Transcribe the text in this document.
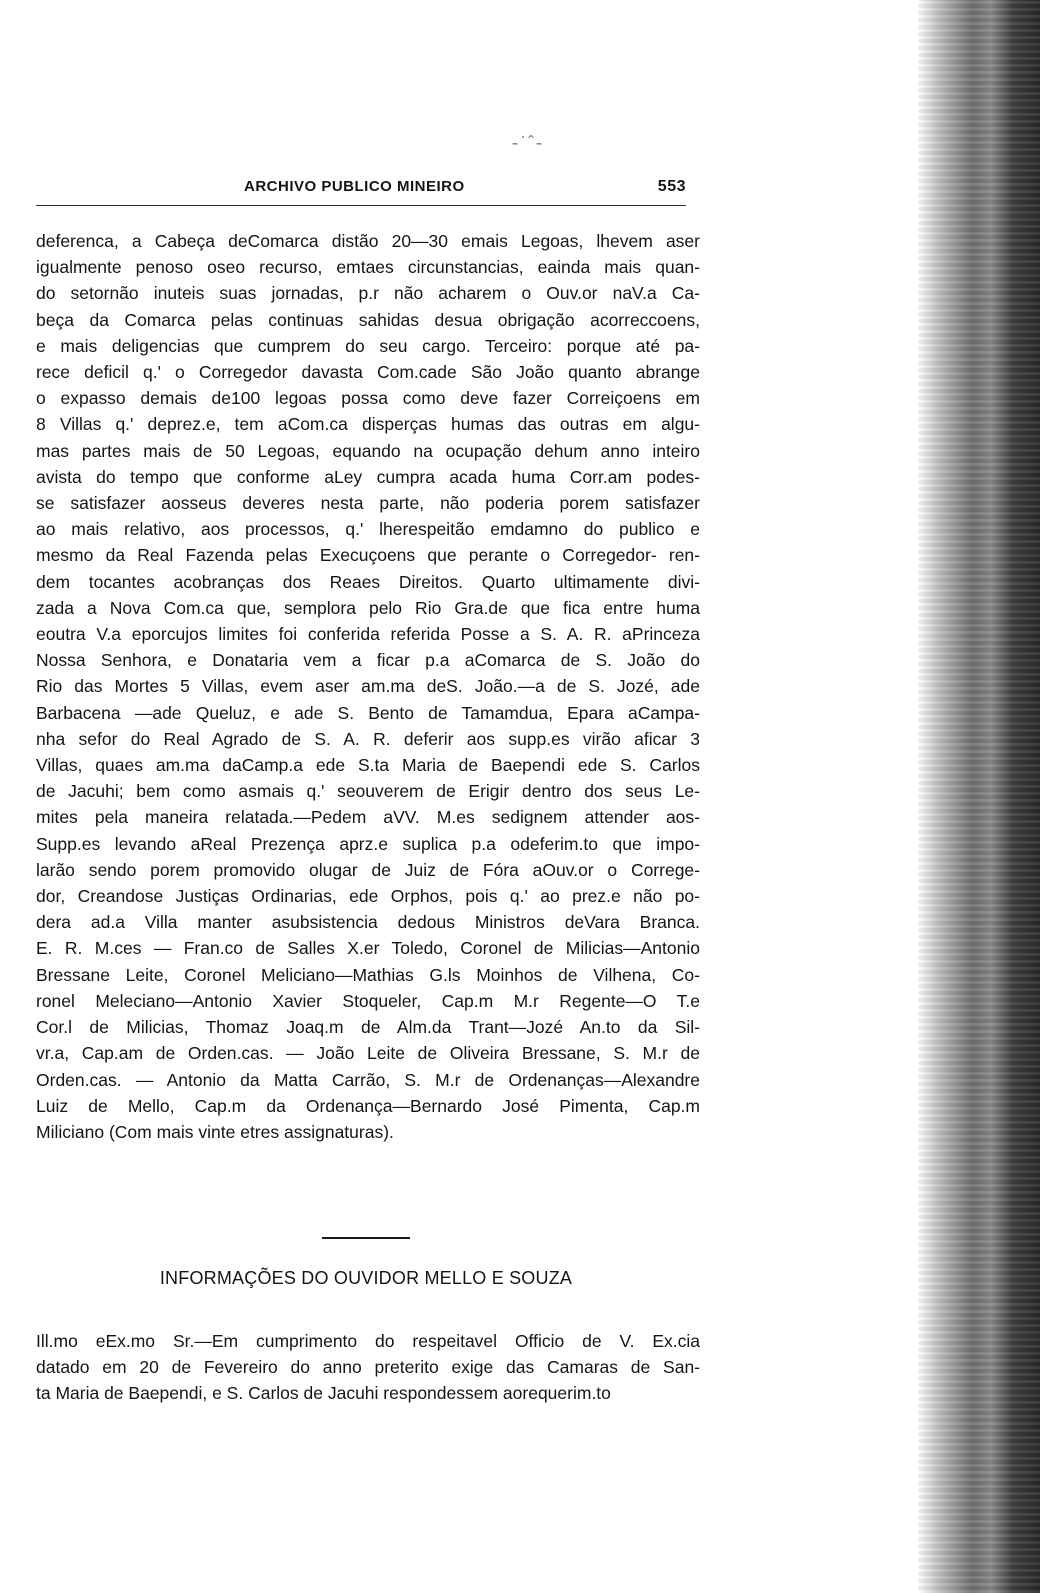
-˙ˆ-
ARCHIVO PUBLICO MINEIRO	553
deferenca, a Cabeça deComarca distão 20—30 emais Legoas, lhevem aser
igualmente penoso oseo recurso, emtaes circunstancias, eainda mais quan-
do setornão inuteis suas jornadas, p.r não acharem o Ouv.or naV.a Ca-
beça da Comarca pelas continuas sahidas desua obrigação acorreccoens,
e mais deligencias que cumprem do seu cargo. Terceiro: porque até pa-
rece deficil q.' o Corregedor davasta Com.cade São João quanto abrange
o expasso demais de100 legoas possa como deve fazer Correiçoens em
8 Villas q.' deprez.e, tem aCom.ca disperças humas das outras em algu-
mas partes mais de 50 Legoas, equando na ocupação dehum anno inteiro
avista do tempo que conforme aLey cumpra acada huma Corr.am podes-
se satisfazer aosseus deveres nesta parte, não poderia porem satisfazer
ao mais relativo, aos processos, q.' lherespeitão emdamno do publico e
mesmo da Real Fazenda pelas Execuçoens que perante o Corregedor- ren-
dem tocantes acobranças dos Reaes Direitos. Quarto ultimamente divi-
zada a Nova Com.ca que, semplora pelo Rio Gra.de que fica entre huma
eoutra V.a eporcujos limites foi conferida referida Posse a S. A. R. aPrinceza
Nossa Senhora, e Donataria vem a ficar p.a aComarca de S. João do
Rio das Mortes 5 Villas, evem aser am.ma deS. João.—a de S. Jozé, ade
Barbacena —ade Queluz, e ade S. Bento de Tamamdua, Epara aCampa-
nha sefor do Real Agrado de S. A. R. deferir aos supp.es virão aficar 3
Villas, quaes am.ma daCamp.a ede S.ta Maria de Baependi ede S. Carlos
de Jacuhi; bem como asmais q.' seouverem de Erigir dentro dos seus Le-
mites pela maneira relatada.—Pedem aVV. M.es sedignem attender aos-
Supp.es levando aReal Prezença aprz.e suplica p.a odeferim.to que impo-
larão sendo porem promovido olugar de Juiz de Fóra aOuv.or o Correge-
dor, Creandose Justiças Ordinarias, ede Orphos, pois q.' ao prez.e não po-
dera ad.a Villa manter asubsistencia dedous Ministros deVara Branca.
E. R. M.ces — Fran.co de Salles X.er Toledo, Coronel de Milicias—Antonio
Bressane Leite, Coronel Meliciano—Mathias G.ls Moinhos de Vilhena, Co-
ronel Meleciano—Antonio Xavier Stoqueler, Cap.m M.r Regente—O T.e
Cor.l de Milicias, Thomaz Joaq.m de Alm.da Trant—Jozé An.to da Sil-
vr.a, Cap.am de Orden.cas. — João Leite de Oliveira Bressane, S. M.r de
Orden.cas. — Antonio da Matta Carrão, S. M.r de Ordenanças—Alexandre
Luiz de Mello, Cap.m da Ordenança—Bernardo José Pimenta, Cap.m
Miliciano (Com mais vinte etres assignaturas).
INFORMAÇÕES DO OUVIDOR MELLO E SOUZA
Ill.mo eEx.mo Sr.—Em cumprimento do respeitavel Officio de V. Ex.cia
datado em 20 de Fevereiro do anno preterito exige das Camaras de San-
ta Maria de Baependi, e S. Carlos de Jacuhi respondessem aorequerim.to
